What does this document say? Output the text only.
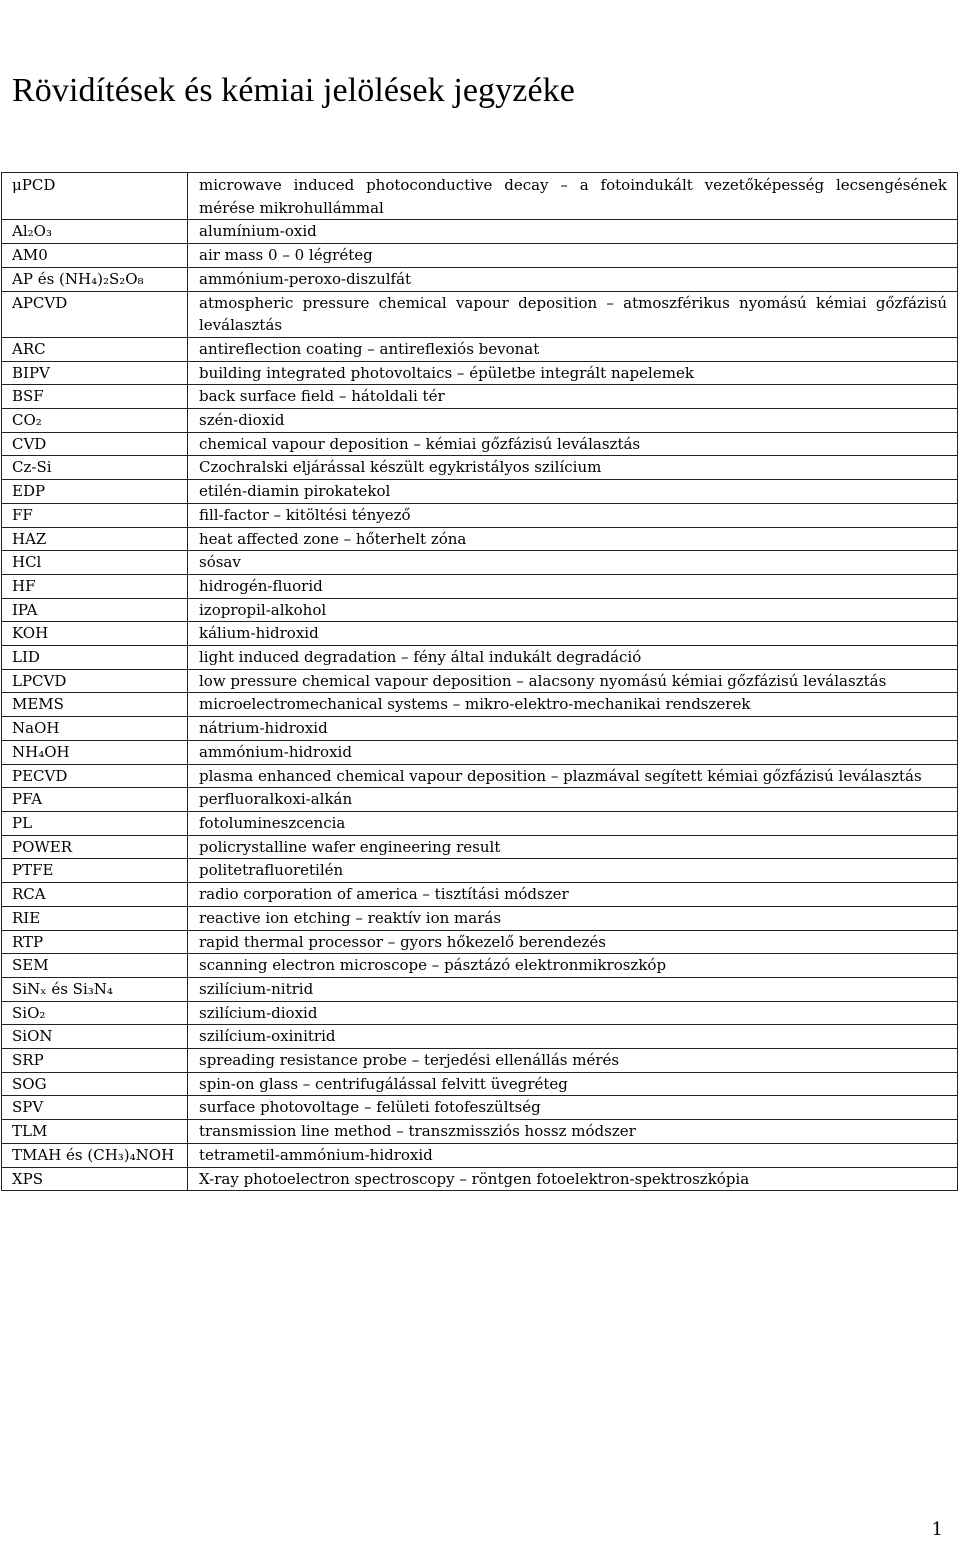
Rövidítések és kémiai jelölések jegyzéke
μPCD	microwave induced photoconductive decay – a fotoindukált vezetőképesség lecsengésének mérése mikrohullámmal
Al₂O₃	alumínium-oxid
AM0	air mass 0 – 0 légréteg
AP és (NH₄)₂S₂O₈	ammónium-peroxo-diszulfát
APCVD	atmospheric pressure chemical vapour deposition – atmoszférikus nyomású kémiai gőzfázisú leválasztás
ARC	antireflection coating – antireflexiós bevonat
BIPV	building integrated photovoltaics – épületbe integrált napelemek
BSF	back surface field – hátoldali tér
CO₂	szén-dioxid
CVD	chemical vapour deposition – kémiai gőzfázisú leválasztás
Cz-Si	Czochralski eljárással készült egykristályos szilícium
EDP	etilén-diamin pirokatekol
FF	fill-factor – kitöltési tényező
HAZ	heat affected zone – hőterhelt zóna
HCl	sósav
HF	hidrogén-fluorid
IPA	izopropil-alkohol
KOH	kálium-hidroxid
LID	light induced degradation – fény által indukált degradáció
LPCVD	low pressure chemical vapour deposition – alacsony nyomású kémiai gőzfázisú leválasztás
MEMS	microelectromechanical systems – mikro-elektro-mechanikai rendszerek
NaOH	nátrium-hidroxid
NH₄OH	ammónium-hidroxid
PECVD	plasma enhanced chemical vapour deposition – plazmával segített kémiai gőzfázisú leválasztás
PFA	perfluoralkoxi-alkán
PL	fotolumineszcencia
POWER	policrystalline wafer engineering result
PTFE	politetrafluoretilén
RCA	radio corporation of america – tisztítási módszer
RIE	reactive ion etching – reaktív ion marás
RTP	rapid thermal processor – gyors hőkezelő berendezés
SEM	scanning electron microscope – pásztázó elektronmikroszkóp
SiNₓ és Si₃N₄	szilícium-nitrid
SiO₂	szilícium-dioxid
SiON	szilícium-oxinitrid
SRP	spreading resistance probe – terjedési ellenállás mérés
SOG	spin-on glass – centrifugálással felvitt üvegréteg
SPV	surface photovoltage – felületi fotofeszültség
TLM	transmission line method – transzmissziós hossz módszer
TMAH és (CH₃)₄NOH	tetrametil-ammónium-hidroxid
XPS	X-ray photoelectron spectroscopy – röntgen fotoelektron-spektroszkópia
1
